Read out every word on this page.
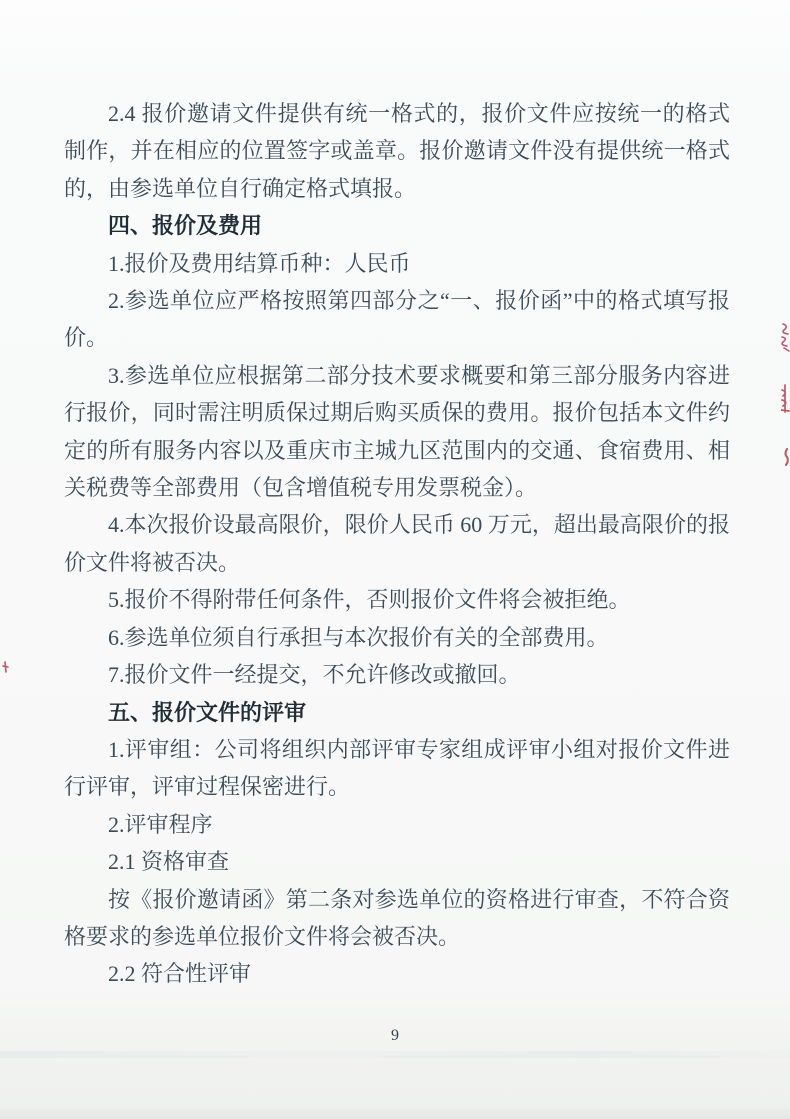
2.4 报价邀请文件提供有统一格式的，报价文件应按统一的格式制作，并在相应的位置签字或盖章。报价邀请文件没有提供统一格式的，由参选单位自行确定格式填报。

四、报价及费用

1.报价及费用结算币种：人民币

2.参选单位应严格按照第四部分之“一、报价函”中的格式填写报价。

3.参选单位应根据第二部分技术要求概要和第三部分服务内容进行报价，同时需注明质保过期后购买质保的费用。报价包括本文件约定的所有服务内容以及重庆市主城九区范围内的交通、食宿费用、相关税费等全部费用（包含增值税专用发票税金）。

4.本次报价设最高限价，限价人民币 60 万元，超出最高限价的报价文件将被否决。

5.报价不得附带任何条件，否则报价文件将会被拒绝。

6.参选单位须自行承担与本次报价有关的全部费用。

7.报价文件一经提交，不允许修改或撤回。

五、报价文件的评审

1.评审组：公司将组织内部评审专家组成评审小组对报价文件进行评审，评审过程保密进行。

2.评审程序

2.1 资格审查

按《报价邀请函》第二条对参选单位的资格进行审查，不符合资格要求的参选单位报价文件将会被否决。

2.2 符合性评审

9
